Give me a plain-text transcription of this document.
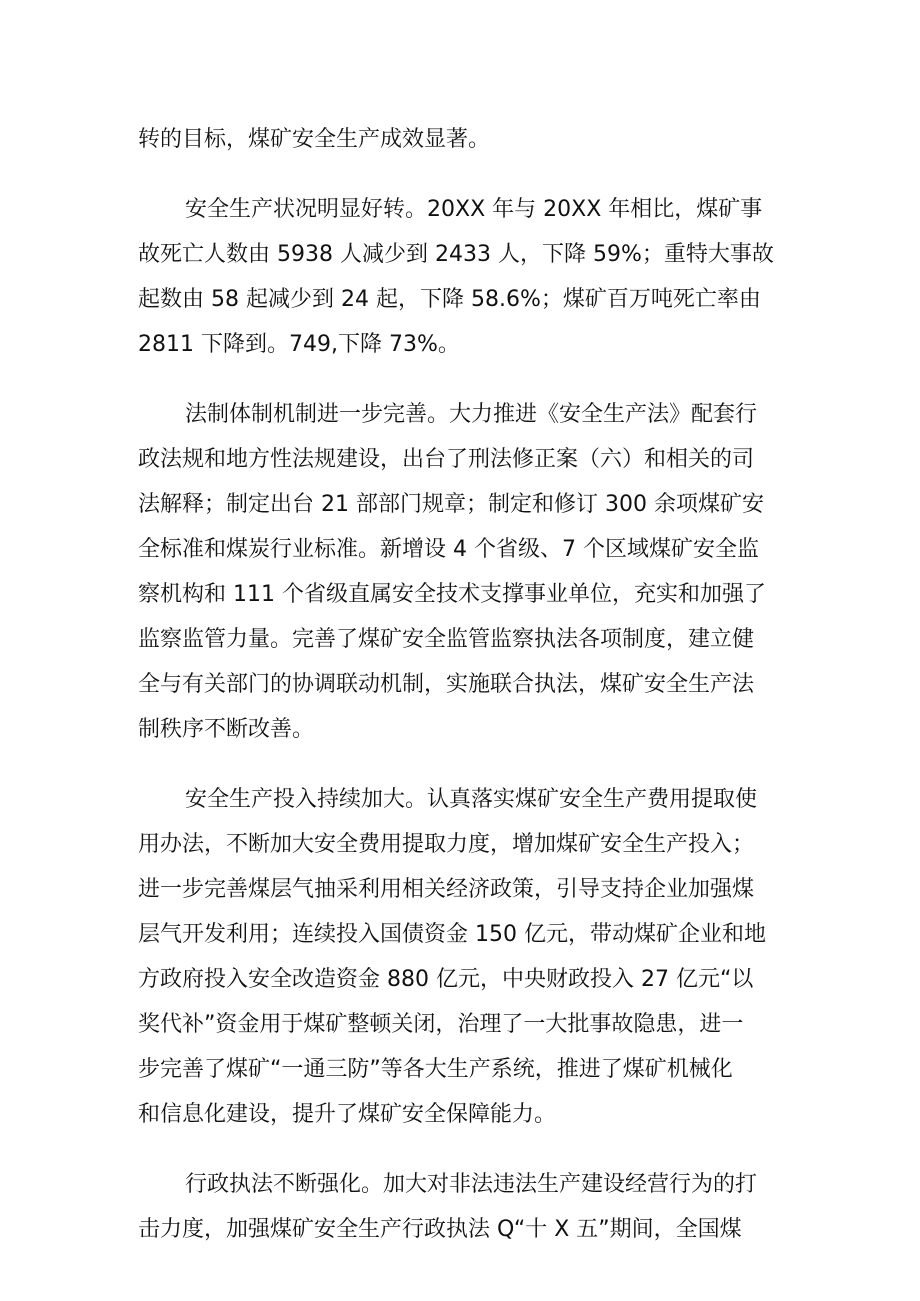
转的目标，煤矿安全生产成效显著。

安全生产状况明显好转。20XX 年与 20XX 年相比，煤矿事
故死亡人数由 5938 人减少到 2433 人，下降 59%；重特大事故
起数由 58 起减少到 24 起，下降 58.6%；煤矿百万吨死亡率由
2811 下降到。749,下降 73%。

法制体制机制进一步完善。大力推进《安全生产法》配套行
政法规和地方性法规建设，出台了刑法修正案（六）和相关的司
法解释；制定出台 21 部部门规章；制定和修订 300 余项煤矿安
全标准和煤炭行业标准。新增设 4 个省级、7 个区域煤矿安全监
察机构和 111 个省级直属安全技术支撑事业单位，充实和加强了
监察监管力量。完善了煤矿安全监管监察执法各项制度，建立健
全与有关部门的协调联动机制，实施联合执法，煤矿安全生产法
制秩序不断改善。

安全生产投入持续加大。认真落实煤矿安全生产费用提取使
用办法，不断加大安全费用提取力度，增加煤矿安全生产投入；
进一步完善煤层气抽采利用相关经济政策，引导支持企业加强煤
层气开发利用；连续投入国债资金 150 亿元，带动煤矿企业和地
方政府投入安全改造资金 880 亿元，中央财政投入 27 亿元“以
奖代补”资金用于煤矿整顿关闭，治理了一大批事故隐患，进一
步完善了煤矿“一通三防”等各大生产系统，推进了煤矿机械化
和信息化建设，提升了煤矿安全保障能力。

行政执法不断强化。加大对非法违法生产建设经营行为的打
击力度，加强煤矿安全生产行政执法 Q“十 X 五”期间，全国煤
